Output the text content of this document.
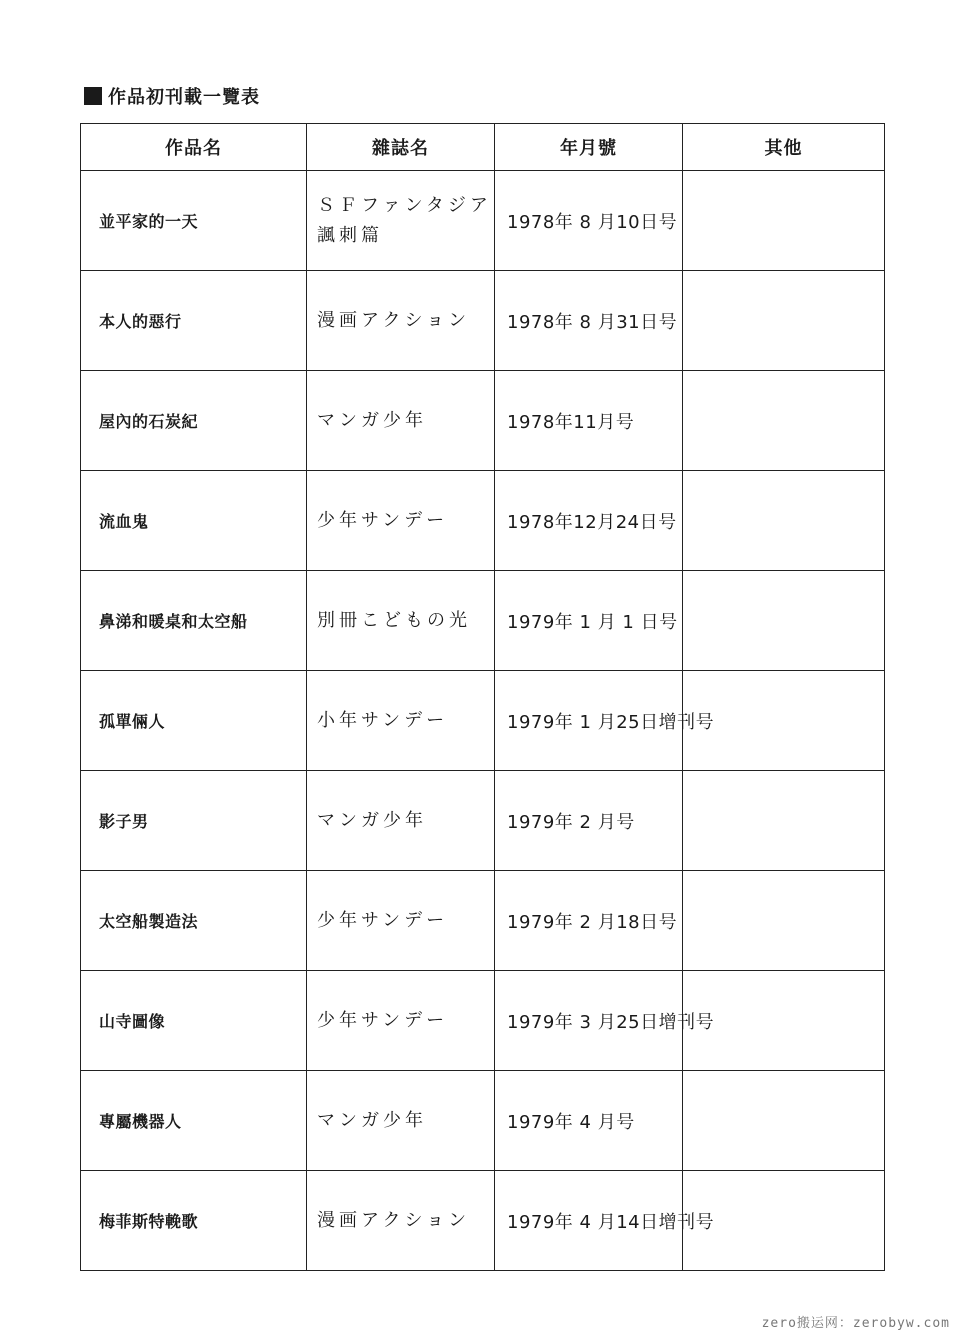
作品初刊載一覽表
作品名	雜誌名	年月號	其他
並平家的一天	ＳＦファンタジア諷刺篇	1978年 8 月10日号	
本人的惡行	漫画アクション	1978年 8 月31日号	
屋內的石炭紀	マンガ少年	1978年11月号	
流血鬼	少年サンデー	1978年12月24日号	
鼻涕和暖桌和太空船	別冊こどもの光	1979年 1 月 1 日号	
孤單倆人	小年サンデー	1979年 1 月25日增刊号	
影子男	マンガ少年	1979年 2 月号	
太空船製造法	少年サンデー	1979年 2 月18日号	
山寺圖像	少年サンデー	1979年 3 月25日增刊号	
專屬機器人	マンガ少年	1979年 4 月号	
梅菲斯特輓歌	漫画アクション	1979年 4 月14日增刊号	
zero搬运网：zerobyw.com
